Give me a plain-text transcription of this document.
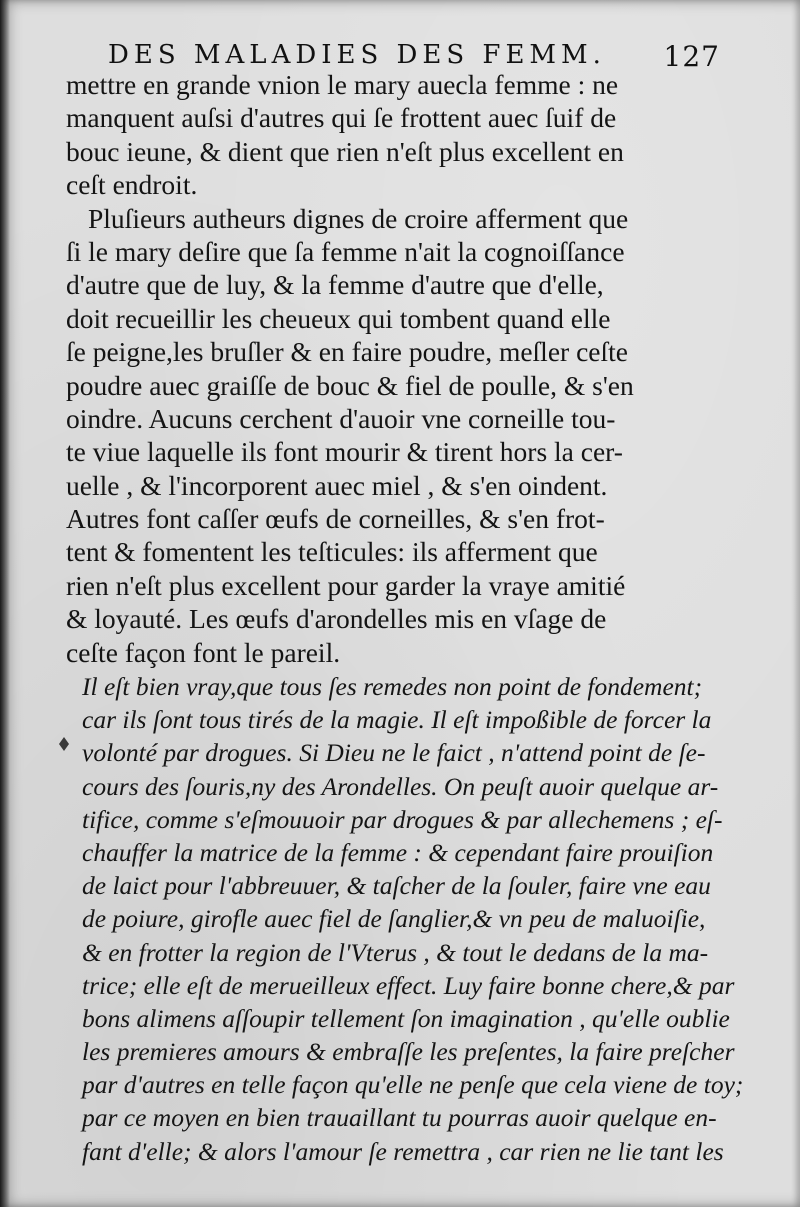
DES MALADIES DES FEMM. 127
mettre en grande vnion le mary auecla femme : ne
manquent auſsi d'autres qui ſe frottent auec ſuif de
bouc ieune, & dient que rien n'eſt plus excellent en
ceſt endroit.
Pluſieurs autheurs dignes de croire afferment que
ſi le mary deſire que ſa femme n'ait la cognoiſſance
d'autre que de luy, & la femme d'autre que d'elle,
doit recueillir les cheueux qui tombent quand elle
ſe peigne,les bruſler & en faire poudre, meſler ceſte
poudre auec graiſſe de bouc & fiel de poulle, & s'en
oindre. Aucuns cerchent d'auoir vne corneille tou-
te viue laquelle ils font mourir & tirent hors la cer-
uelle , & l'incorporent auec miel , & s'en oindent.
Autres font caſſer œufs de corneilles, & s'en frot-
tent & fomentent les teſticules: ils afferment que
rien n'eſt plus excellent pour garder la vraye amitié
& loyauté. Les œufs d'arondelles mis en vſage de
ceſte façon font le pareil.
Il eſt bien vray,que tous ſes remedes non point de fondement;
car ils ſont tous tirés de la magie. Il eſt impoßible de forcer la
volonté par drogues. Si Dieu ne le faict , n'attend point de ſe-
cours des ſouris,ny des Arondelles. On peuſt auoir quelque ar-
tifice, comme s'eſmouuoir par drogues & par allechemens ; eſ-
chauffer la matrice de la femme : & cependant faire prouiſion
de laict pour l'abbreuuer, & taſcher de la ſouler, faire vne eau
de poiure, girofle auec fiel de ſanglier,& vn peu de maluoiſie,
& en frotter la region de l'Vterus , & tout le dedans de la ma-
trice; elle eſt de merueilleux effect. Luy faire bonne chere,& par
bons alimens aſſoupir tellement ſon imagination , qu'elle oublie
les premieres amours & embraſſe les preſentes, la faire preſcher
par d'autres en telle façon qu'elle ne penſe que cela viene de toy;
par ce moyen en bien trauaillant tu pourras auoir quelque en-
fant d'elle; & alors l'amour ſe remettra , car rien ne lie tant les
